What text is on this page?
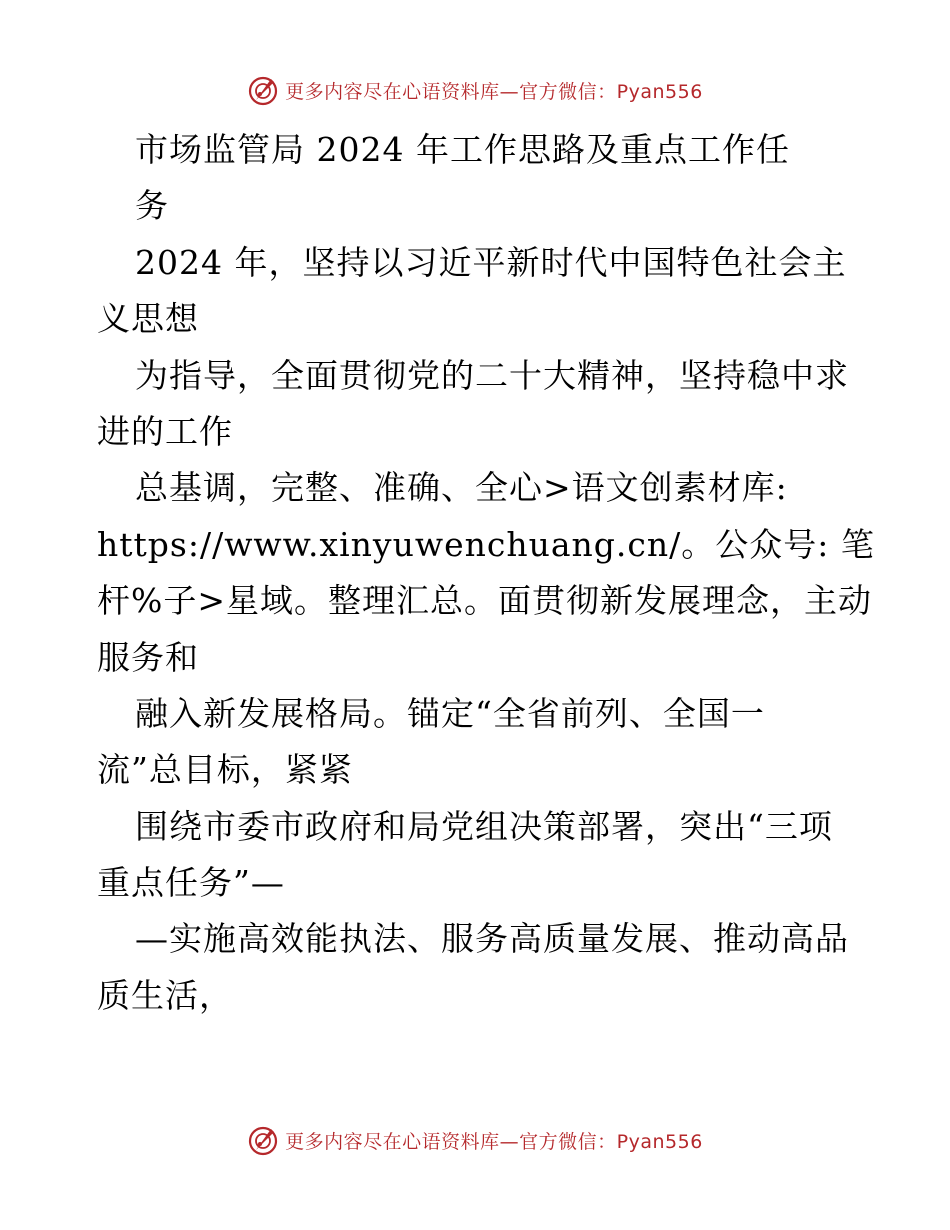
更多内容尽在心语资料库—官方微信：Pyan556
市场监管局 2024 年工作思路及重点工作任
务
2024 年，坚持以习近平新时代中国特色社会主
义思想
为指导，全面贯彻党的二十大精神，坚持稳中求
进的工作
总基调，完整、准确、全心>语文创素材库:
https://www.xinyuwenchuang.cn/。公众号: 笔
杆%子>星域。整理汇总。面贯彻新发展理念，主动
服务和
融入新发展格局。锚定“全省前列、全国一
流”总目标，紧紧
围绕市委市政府和局党组决策部署，突出“三项
重点任务”—
—实施高效能执法、服务高质量发展、推动高品
质生活，
更多内容尽在心语资料库—官方微信：Pyan556
